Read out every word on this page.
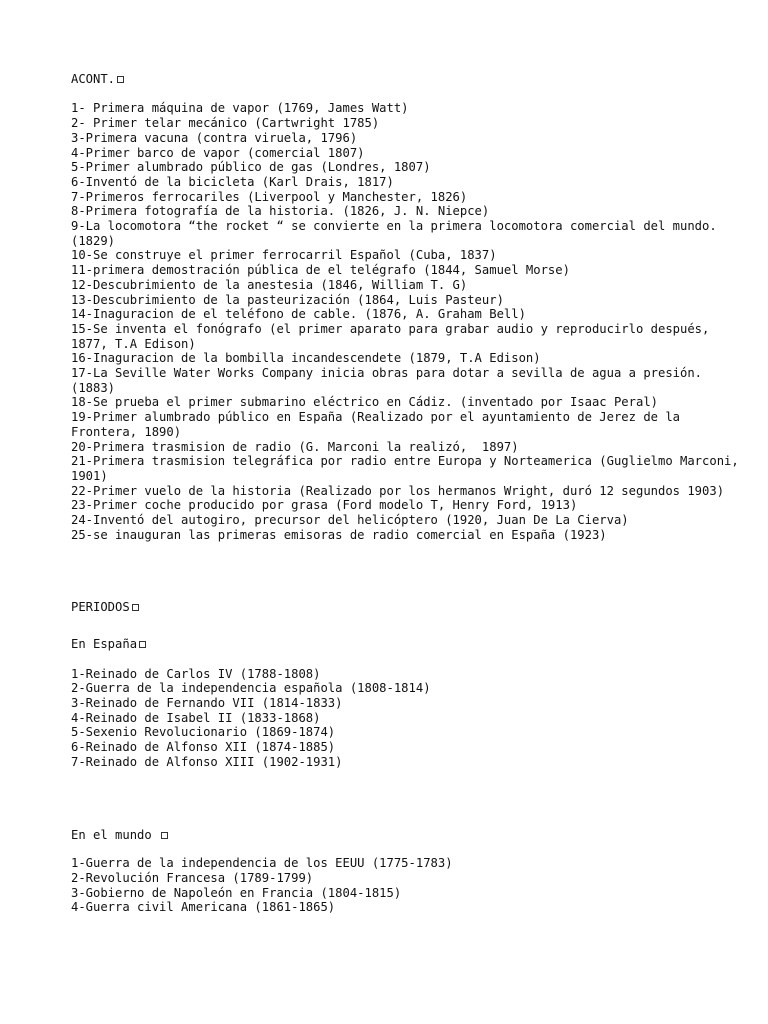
ACONT.
1- Primera máquina de vapor (1769, James Watt)
2- Primer telar mecánico (Cartwright 1785)
3-Primera vacuna (contra viruela, 1796)
4-Primer barco de vapor (comercial 1807)
5-Primer alumbrado público de gas (Londres, 1807)
6-Inventó de la bicicleta (Karl Drais, 1817)
7-Primeros ferrocariles (Liverpool y Manchester, 1826)
8-Primera fotografía de la historia. (1826, J. N. Niepce)
9-La locomotora “the rocket “ se convierte en la primera locomotora comercial del mundo. (1829)
10-Se construye el primer ferrocarril Español (Cuba, 1837)
11-primera demostración pública de el telégrafo (1844, Samuel Morse)
12-Descubrimiento de la anestesia (1846, William T. G)
13-Descubrimiento de la pasteurización (1864, Luis Pasteur)
14-Inaguracion de el teléfono de cable. (1876, A. Graham Bell)
15-Se inventa el fonógrafo (el primer aparato para grabar audio y reproducirlo después, 1877, T.A Edison)
16-Inaguracion de la bombilla incandescendete (1879, T.A Edison)
17-La Seville Water Works Company inicia obras para dotar a sevilla de agua a presión. (1883)
18-Se prueba el primer submarino eléctrico en Cádiz. (inventado por Isaac Peral)
19-Primer alumbrado público en España (Realizado por el ayuntamiento de Jerez de la Frontera, 1890)
20-Primera trasmision de radio (G. Marconi la realizó,  1897)
21-Primera trasmision telegráfica por radio entre Europa y Norteamerica (Guglielmo Marconi, 1901)
22-Primer vuelo de la historia (Realizado por los hermanos Wright, duró 12 segundos 1903)
23-Primer coche producido por grasa (Ford modelo T, Henry Ford, 1913)
24-Inventó del autogiro, precursor del helicóptero (1920, Juan De La Cierva)
25-se inauguran las primeras emisoras de radio comercial en España (1923)
PERIODOS
En España
1-Reinado de Carlos IV (1788-1808)
2-Guerra de la independencia española (1808-1814)
3-Reinado de Fernando VII (1814-1833)
4-Reinado de Isabel II (1833-1868)
5-Sexenio Revolucionario (1869-1874)
6-Reinado de Alfonso XII (1874-1885)
7-Reinado de Alfonso XIII (1902-1931)
En el mundo
1-Guerra de la independencia de los EEUU (1775-1783)
2-Revolución Francesa (1789-1799)
3-Gobierno de Napoleón en Francia (1804-1815)
4-Guerra civil Americana (1861-1865)
